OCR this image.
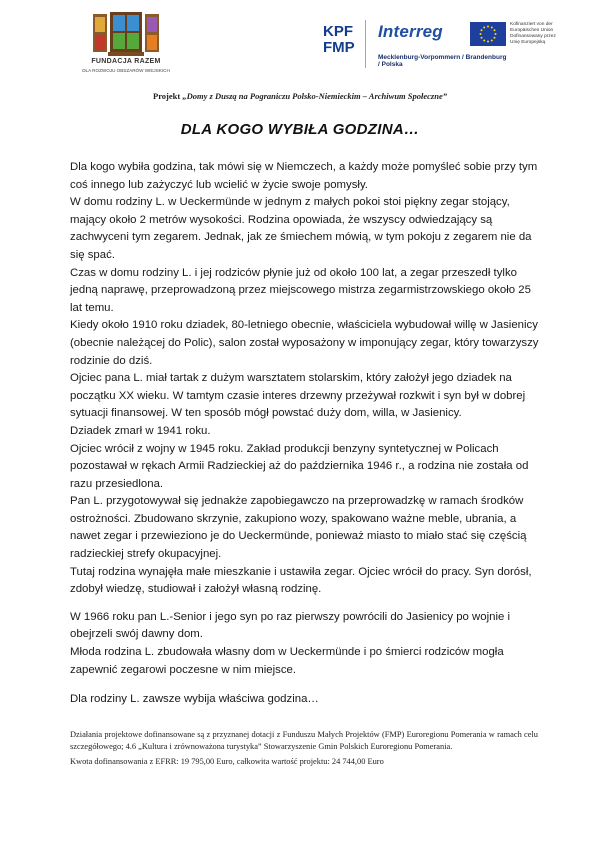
FUNDACJA RAZEM
DLA ROZWOJU OBSZARÓW WIEJSKICH
KPF
FMP
Interreg
Mecklenburg-Vorpommern / Brandenburg / Polska
Kofinanziert von der
Europäischen Union
Dofinansowany przez
Unię Europejską
Projekt „Domy z Duszą na Pograniczu Polsko-Niemieckim – Archiwum Społeczne”
DLA KOGO WYBIŁA GODZINA…

Dla kogo wybiła godzina, tak mówi się w Niemczech, a każdy może pomyśleć sobie przy tym coś innego lub zażyczyć lub wcielić w życie swoje pomysły.

W domu rodziny L. w Ueckermünde w jednym z małych pokoi stoi piękny zegar stojący, mający około 2 metrów wysokości. Rodzina opowiada, że wszyscy odwiedzający są zachwyceni tym zegarem. Jednak, jak ze śmiechem mówią, w tym pokoju z zegarem nie da się spać.

Czas w domu rodziny L. i jej rodziców płynie już od około 100 lat, a zegar przeszedł tylko jedną naprawę, przeprowadzoną przez miejscowego mistrza zegarmistrzowskiego około 25 lat temu.

Kiedy około 1910 roku dziadek, 80-letniego obecnie, właściciela wybudował willę w Jasienicy (obecnie należącej do Polic), salon został wyposażony w imponujący zegar, który towarzyszy rodzinie do dziś.

Ojciec pana L. miał tartak z dużym warsztatem stolarskim, który założył jego dziadek na początku XX wieku. W tamtym czasie interes drzewny przeżywał rozkwit i syn był w dobrej sytuacji finansowej. W ten sposób mógł powstać duży dom, willa, w Jasienicy.

Dziadek zmarł w 1941 roku.

Ojciec wrócił z wojny w 1945 roku. Zakład produkcji benzyny syntetycznej w Policach pozostawał w rękach Armii Radzieckiej aż do października 1946 r., a rodzina nie została od razu przesiedlona.

Pan L. przygotowywał się jednakże zapobiegawczo na przeprowadzkę w ramach środków ostrożności. Zbudowano skrzynie, zakupiono wozy, spakowano ważne meble, ubrania, a nawet zegar i przewieziono je do Ueckermünde, ponieważ miasto to miało stać się częścią radzieckiej strefy okupacyjnej.

Tutaj rodzina wynajęła małe mieszkanie i ustawiła zegar. Ojciec wrócił do pracy. Syn dorósł, zdobył wiedzę, studiował i założył własną rodzinę.

W 1966 roku pan L.-Senior i jego syn po raz pierwszy powrócili do Jasienicy po wojnie i obejrzeli swój dawny dom.

Młoda rodzina L. zbudowała własny dom w Ueckermünde i po śmierci rodziców mogła zapewnić zegarowi poczesne w nim miejsce.

Dla rodziny L. zawsze wybija właściwa godzina…

Działania projektowe dofinansowane są z przyznanej dotacji z Funduszu Małych Projektów (FMP) Euroregionu Pomerania w ramach celu szczegółowego; 4.6 „Kultura i zrównoważona turystyka” Stowarzyszenie Gmin Polskich Euroregionu Pomerania.

Kwota dofinansowania z EFRR: 19 795,00 Euro, całkowita wartość projektu: 24 744,00 Euro
